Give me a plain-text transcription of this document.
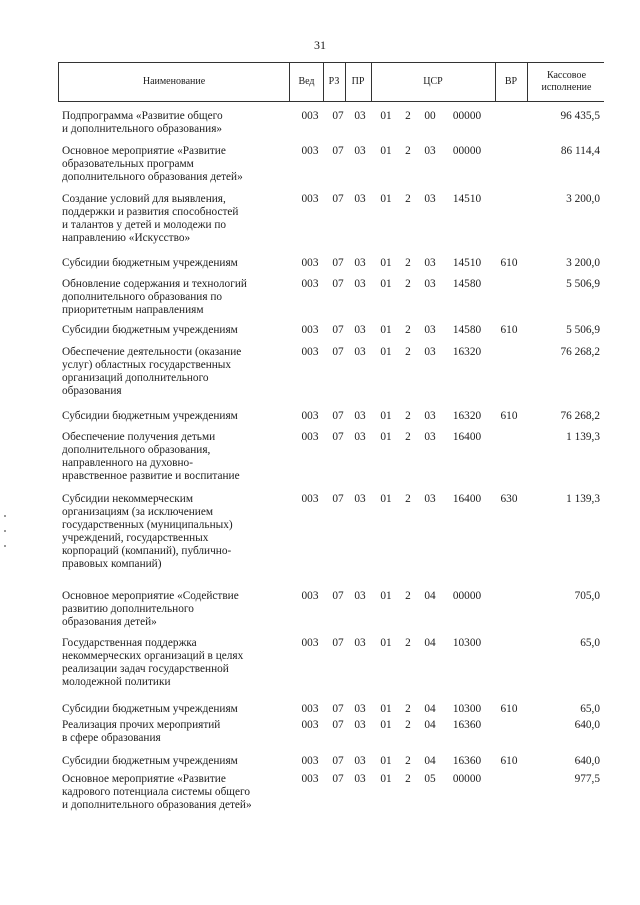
31
Наименование	Вед	РЗ	ПР	ЦСР	ВР
Кассовое
исполнение
Подпрограмма «Развитие общего
и дополнительного образования»
003	07 03	01	2	00	00000	96 435,5
Основное мероприятие «Развитие
образовательных программ
дополнительного образования детей»
003	07 03	01	2	03	00000	86 114,4
Создание условий для выявления,
поддержки и развития способностей
и талантов у детей и молодежи по
направлению «Искусство»
003	07 03	01	2	03	14510	3 200,0
Субсидии бюджетным учреждениям	003	07 03	01	2	03	14510	610	3 200,0
Обновление содержания и технологий
дополнительного образования по
приоритетным направлениям
003	07 03	01	2	03	14580	5 506,9
Субсидии бюджетным учреждениям	003	07 03	01	2	03	14580	610	5 506,9
Обеспечение деятельности (оказание
услуг) областных государственных
организаций дополнительного
образования
003	07 03	01	2	03	16320	76 268,2
Субсидии бюджетным учреждениям	003	07 03	01	2	03	16320	610	76 268,2
Обеспечение получения детьми
дополнительного образования,
направленного на духовно-
нравственное развитие и воспитание
003	07 03	01	2	03	16400	1 139,3
Субсидии некоммерческим
организациям (за исключением
государственных (муниципальных)
учреждений, государственных
корпораций (компаний), публично-
правовых компаний)
003	07 03	01	2	03	16400	630	1 139,3
Основное мероприятие «Содействие
развитию дополнительного
образования детей»
003	07 03	01	2	04	00000	705,0
Государственная поддержка
некоммерческих организаций в целях
реализации задач государственной
молодежной политики
003	07 03	01	2	04	10300	65,0
Субсидии бюджетным учреждениям	003	07 03	01	2	04	10300	610	65,0
Реализация прочих мероприятий
в сфере образования
003	07 03	01	2	04	16360	640,0
Субсидии бюджетным учреждениям	003	07 03	01	2	04	16360	610	640,0
Основное мероприятие «Развитие
кадрового потенциала системы общего
и дополнительного образования детей»
003	07 03	01	2	05	00000	977,5
